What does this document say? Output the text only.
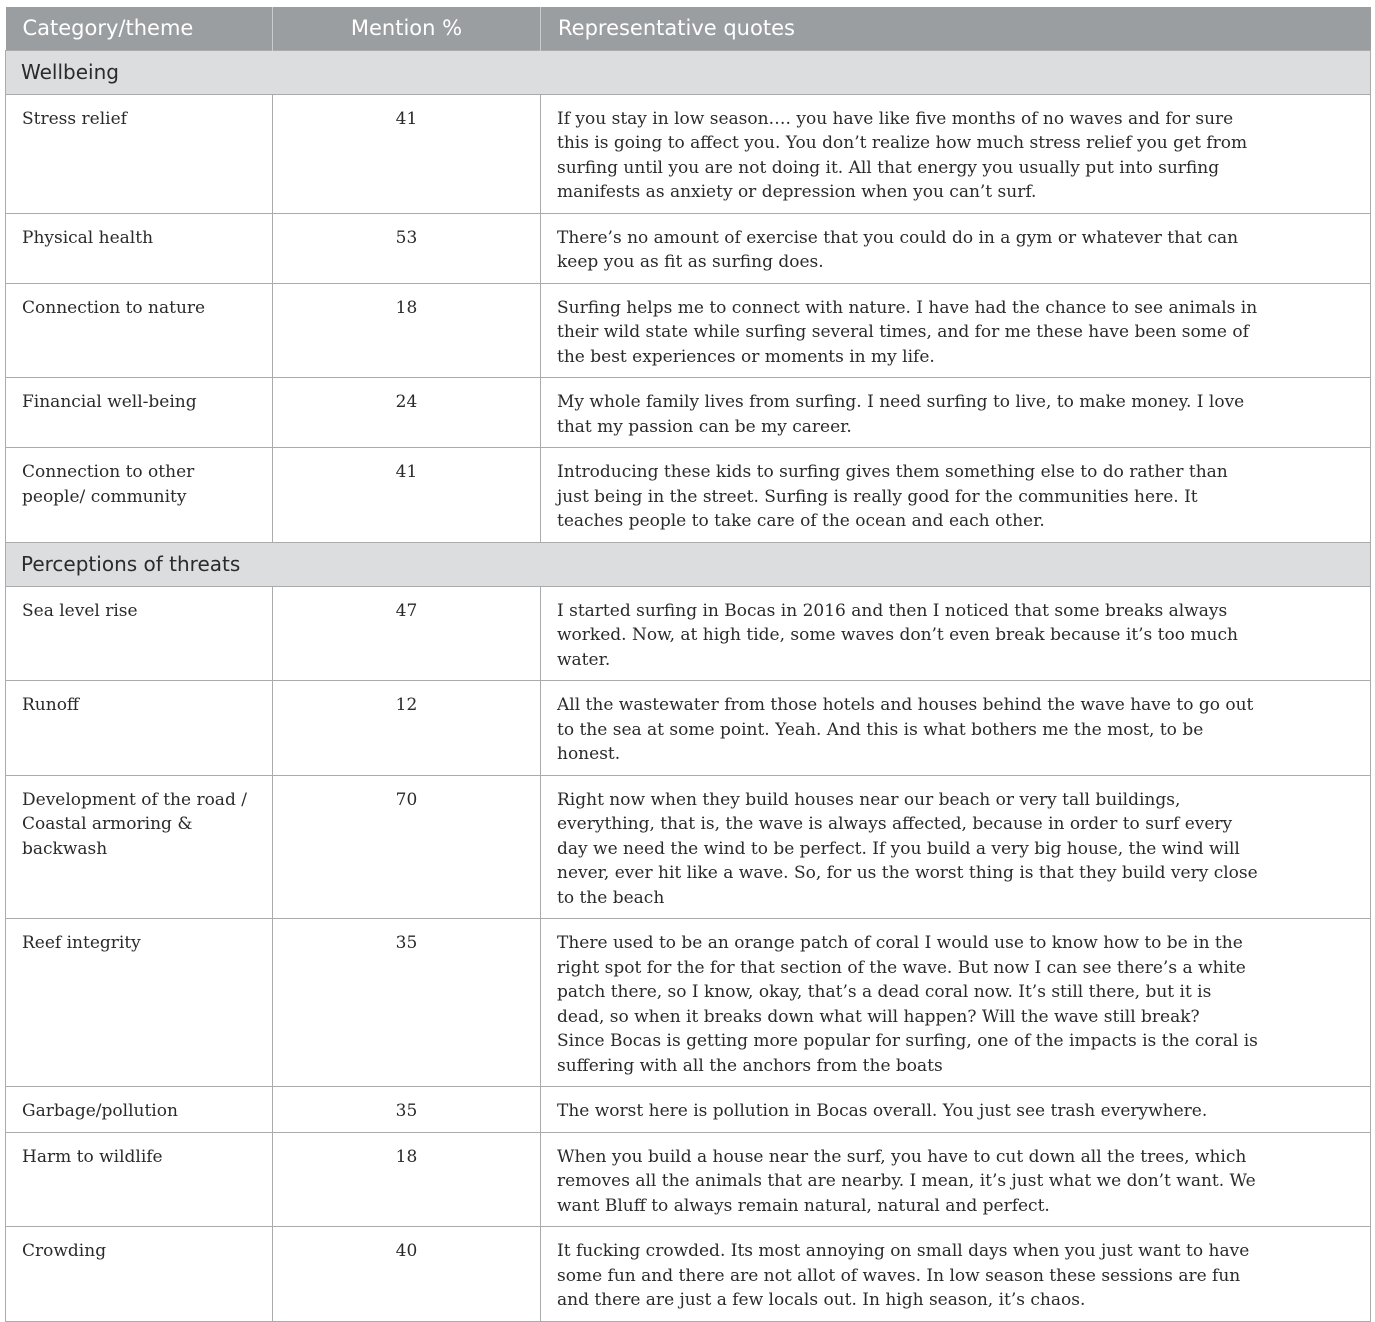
Category/theme	Mention %	Representative quotes
Wellbeing		
Stress relief	41	If you stay in low season…. you have like five months of no waves and for sure this is going to affect you. You don’t realize how much stress relief you get from surfing until you are not doing it. All that energy you usually put into surfing manifests as anxiety or depression when you can’t surf.
Physical health	53	There’s no amount of exercise that you could do in a gym or whatever that can keep you as fit as surfing does.
Connection to nature	18	Surfing helps me to connect with nature. I have had the chance to see animals in their wild state while surfing several times, and for me these have been some of the best experiences or moments in my life.
Financial well-being	24	My whole family lives from surfing. I need surfing to live, to make money. I love that my passion can be my career.
Connection to other people/ community	41	Introducing these kids to surfing gives them something else to do rather than just being in the street. Surfing is really good for the communities here. It teaches people to take care of the ocean and each other.
Perceptions of threats		
Sea level rise	47	I started surfing in Bocas in 2016 and then I noticed that some breaks always worked. Now, at high tide, some waves don’t even break because it’s too much water.
Runoff	12	All the wastewater from those hotels and houses behind the wave have to go out to the sea at some point. Yeah. And this is what bothers me the most, to be honest.
Development of the road / Coastal armoring & backwash	70	Right now when they build houses near our beach or very tall buildings, everything, that is, the wave is always affected, because in order to surf every day we need the wind to be perfect. If you build a very big house, the wind will never, ever hit like a wave. So, for us the worst thing is that they build very close to the beach
Reef integrity	35	There used to be an orange patch of coral I would use to know how to be in the right spot for the for that section of the wave. But now I can see there’s a white patch there, so I know, okay, that’s a dead coral now. It’s still there, but it is dead, so when it breaks down what will happen? Will the wave still break?
Since Bocas is getting more popular for surfing, one of the impacts is the coral is suffering with all the anchors from the boats

Garbage/pollution	35	The worst here is pollution in Bocas overall. You just see trash everywhere.
Harm to wildlife	18	When you build a house near the surf, you have to cut down all the trees, which removes all the animals that are nearby. I mean, it’s just what we don’t want. We want Bluff to always remain natural, natural and perfect.
Crowding	40	It fucking crowded. Its most annoying on small days when you just want to have some fun and there are not allot of waves. In low season these sessions are fun and there are just a few locals out. In high season, it’s chaos.
